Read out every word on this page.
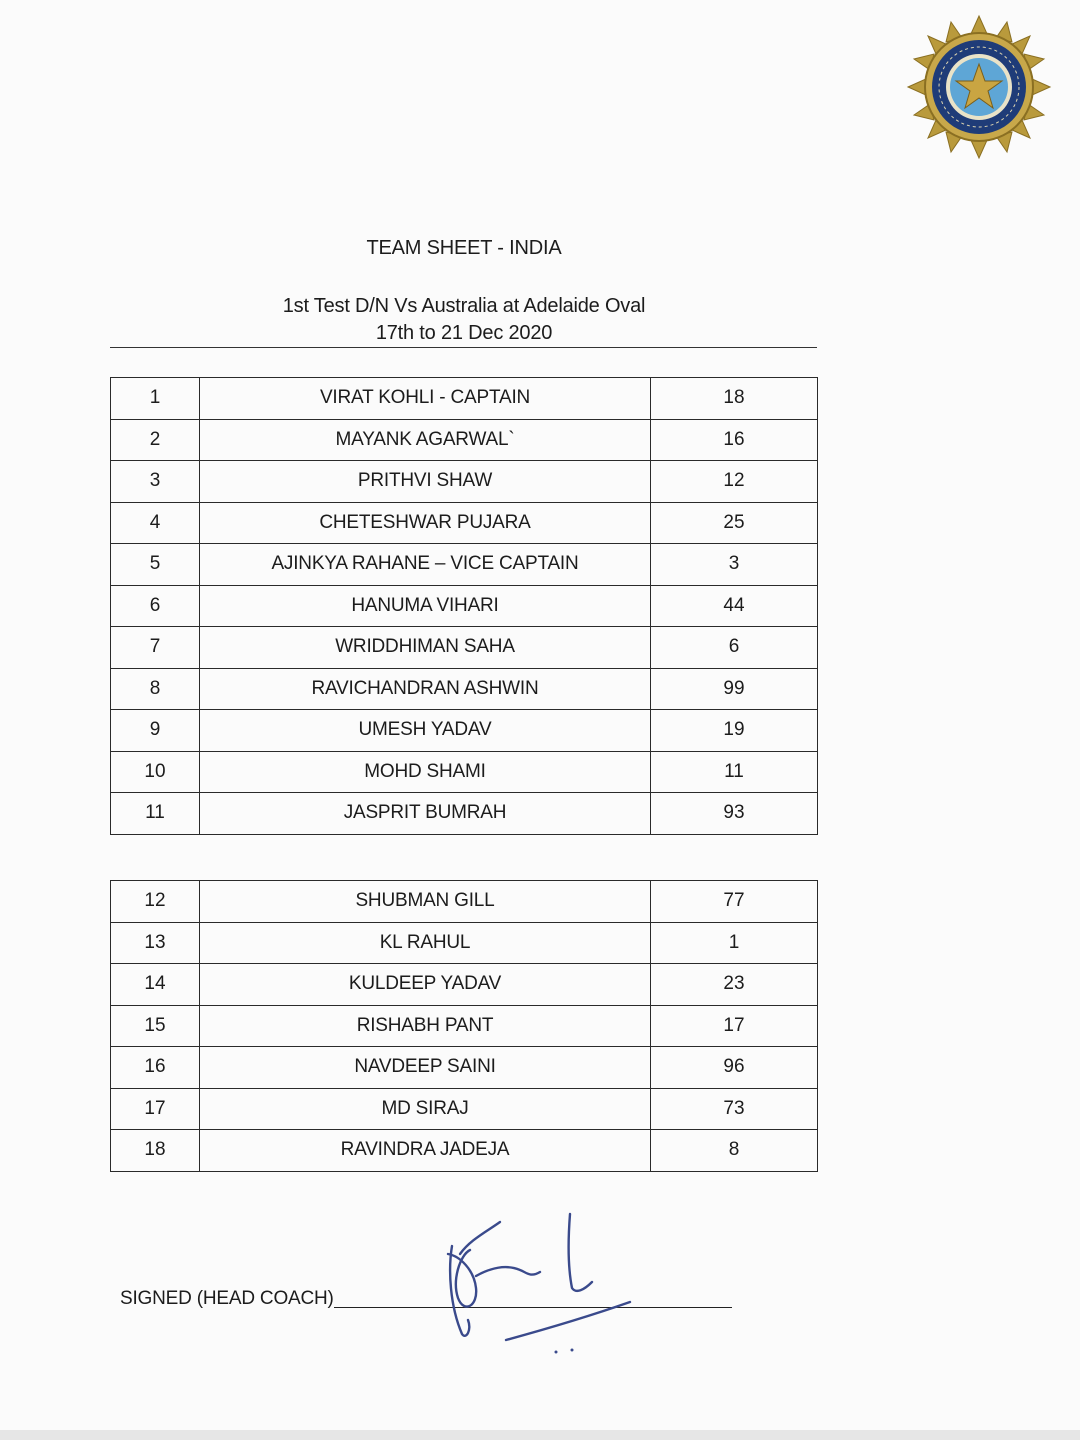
TEAM SHEET - INDIA
1st Test D/N Vs Australia at Adelaide Oval
17th to 21 Dec 2020
1	VIRAT KOHLI - CAPTAIN	18
2	MAYANK AGARWAL`	16
3	PRITHVI SHAW	12
4	CHETESHWAR PUJARA	25
5	AJINKYA RAHANE – VICE CAPTAIN	3
6	HANUMA VIHARI	44
7	WRIDDHIMAN SAHA	6
8	RAVICHANDRAN ASHWIN	99
9	UMESH YADAV	19
10	MOHD SHAMI	11
11	JASPRIT BUMRAH	93
12	SHUBMAN GILL	77
13	KL RAHUL	1
14	KULDEEP YADAV	23
15	RISHABH PANT	17
16	NAVDEEP SAINI	96
17	MD SIRAJ	73
18	RAVINDRA JADEJA	8
SIGNED (HEAD COACH)
